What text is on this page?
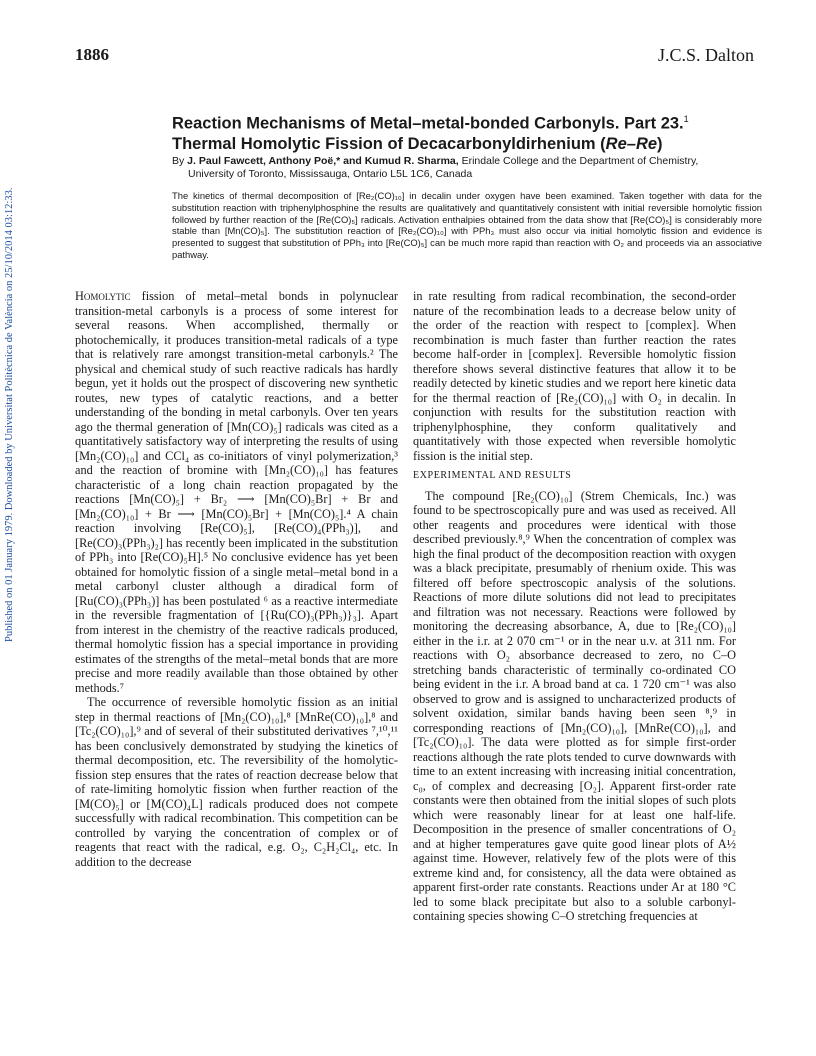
Published on 01 January 1979. Downloaded by Universitat Politècnica de València on 25/10/2014 03:12:33.
1886	J.C.S. Dalton
Reaction Mechanisms of Metal–metal-bonded Carbonyls. Part 23.$^1$
Thermal Homolytic Fission of Decacarbonyldirhenium (Re–Re)
By J. Paul Fawcett, Anthony Poë,* and Kumud R. Sharma, Erindale College and the Department of Chemistry,
University of Toronto, Mississauga, Ontario L5L 1C6, Canada
The kinetics of thermal decomposition of [Re₂(CO)₁₀] in decalin under oxygen have been examined. Taken together with data for the substitution reaction with triphenylphosphine the results are qualitatively and quantitatively consistent with initial reversible homolytic fission followed by further reaction of the [Re(CO)₅] radicals. Activation enthalpies obtained from the data show that [Re(CO)₅] is considerably more stable than [Mn(CO)₅]. The substitution reaction of [Re₂(CO)₁₀] with PPh₃ must also occur via initial homolytic fission and evidence is presented to suggest that substitution of PPh₃ into [Re(CO)₅] can be much more rapid than reaction with O₂ and proceeds via an associative pathway.

Homolytic fission of metal–metal bonds in polynuclear transition-metal carbonyls is a process of some interest for several reasons. When accomplished, thermally or photochemically, it produces transition-metal radicals of a type that is relatively rare amongst transition-metal carbonyls.² The physical and chemical study of such reactive radicals has hardly begun, yet it holds out the prospect of discovering new synthetic routes, new types of catalytic reactions, and a better understanding of the bonding in metal carbonyls. Over ten years ago the thermal generation of [Mn(CO)₅] radicals was cited as a quantitatively satisfactory way of interpreting the results of using [Mn₂(CO)₁₀] and CCl₄ as co-initiators of vinyl polymerization,³ and the reaction of bromine with [Mn₂(CO)₁₀] has features characteristic of a long chain reaction propagated by the reactions [Mn(CO)₅] + Br₂ ⟶ [Mn(CO)₅Br] + Br and [Mn₂(CO)₁₀] + Br ⟶ [Mn(CO)₅Br] + [Mn(CO)₅].⁴ A chain reaction involving [Re(CO)₅], [Re(CO)₄(PPh₃)], and [Re(CO)₃(PPh₃)₂] has recently been implicated in the substitution of PPh₃ into [Re(CO)₅H].⁵ No conclusive evidence has yet been obtained for homolytic fission of a single metal–metal bond in a metal carbonyl cluster although a diradical form of [Ru(CO)₃(PPh₃)] has been postulated ⁶ as a reactive intermediate in the reversible fragmentation of [{Ru(CO)₃(PPh₃)}₃]. Apart from interest in the chemistry of the reactive radicals produced, thermal homolytic fission has a special importance in providing estimates of the strengths of the metal–metal bonds that are more precise and more readily available than those obtained by other methods.⁷

The occurrence of reversible homolytic fission as an initial step in thermal reactions of [Mn₂(CO)₁₀],⁸ [MnRe(CO)₁₀],⁸ and [Tc₂(CO)₁₀],⁹ and of several of their substituted derivatives ⁷,¹⁰,¹¹ has been conclusively demonstrated by studying the kinetics of thermal decomposition, etc. The reversibility of the homolytic-fission step ensures that the rates of reaction decrease below that of rate-limiting homolytic fission when further reaction of the [M(CO)₅] or [M(CO)₄L] radicals produced does not compete successfully with radical recombination. This competition can be controlled by varying the concentration of complex or of reagents that react with the radical, e.g. O₂, C₂H₂Cl₄, etc. In addition to the decrease

in rate resulting from radical recombination, the second-order nature of the recombination leads to a decrease below unity of the order of the reaction with respect to [complex]. When recombination is much faster than further reaction the rates become half-order in [complex]. Reversible homolytic fission therefore shows several distinctive features that allow it to be readily detected by kinetic studies and we report here kinetic data for the thermal reaction of [Re₂(CO)₁₀] with O₂ in decalin. In conjunction with results for the substitution reaction with triphenylphosphine, they conform qualitatively and quantitatively with those expected when reversible homolytic fission is the initial step.

EXPERIMENTAL AND RESULTS

The compound [Re₂(CO)₁₀] (Strem Chemicals, Inc.) was found to be spectroscopically pure and was used as received. All other reagents and procedures were identical with those described previously.⁸,⁹ When the concentration of complex was high the final product of the decomposition reaction with oxygen was a black precipitate, presumably of rhenium oxide. This was filtered off before spectroscopic analysis of the solutions. Reactions of more dilute solutions did not lead to precipitates and filtration was not necessary. Reactions were followed by monitoring the decreasing absorbance, A, due to [Re₂(CO)₁₀] either in the i.r. at 2 070 cm⁻¹ or in the near u.v. at 311 nm. For reactions with O₂ absorbance decreased to zero, no C–O stretching bands characteristic of terminally co-ordinated CO being evident in the i.r. A broad band at ca. 1 720 cm⁻¹ was also observed to grow and is assigned to uncharacterized products of solvent oxidation, similar bands having been seen ⁸,⁹ in corresponding reactions of [Mn₂(CO)₁₀], [MnRe(CO)₁₀], and [Tc₂(CO)₁₀]. The data were plotted as for simple first-order reactions although the rate plots tended to curve downwards with time to an extent increasing with increasing initial concentration, c₀, of complex and decreasing [O₂]. Apparent first-order rate constants were then obtained from the initial slopes of such plots which were reasonably linear for at least one half-life. Decomposition in the presence of smaller concentrations of O₂ and at higher temperatures gave quite good linear plots of A½ against time. However, relatively few of the plots were of this extreme kind and, for consistency, all the data were obtained as apparent first-order rate constants. Reactions under Ar at 180 °C led to some black precipitate but also to a soluble carbonyl-containing species showing C–O stretching frequencies at
